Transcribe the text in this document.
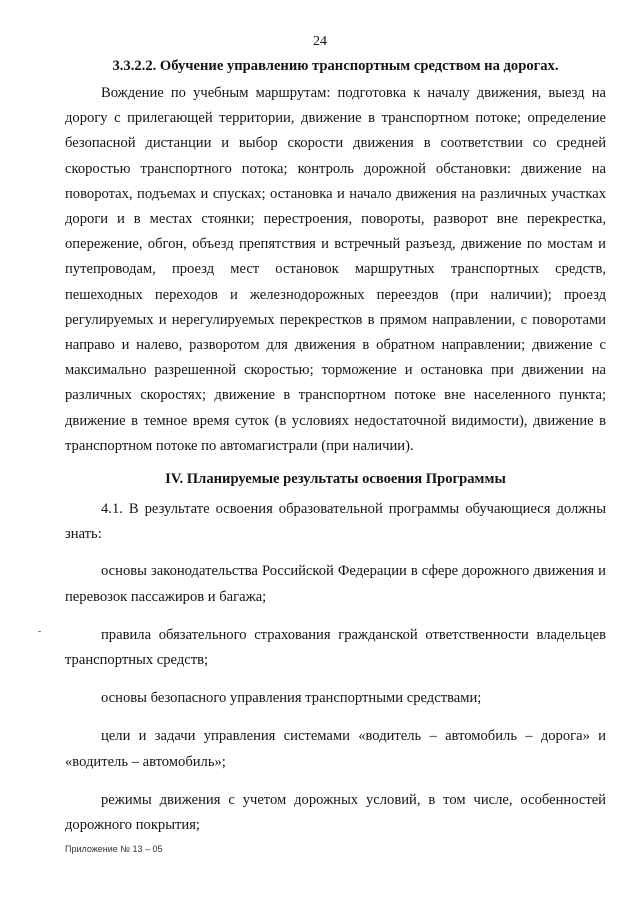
24

3.3.2.2. Обучение управлению транспортным средством на дорогах.

Вождение по учебным маршрутам: подготовка к началу движения, выезд на дорогу с прилегающей территории, движение в транспортном потоке; определение безопасной дистанции и выбор скорости движения в соответствии со средней скоростью транспортного потока; контроль дорожной обстановки: движение на поворотах, подъемах и спусках; остановка и начало движения на различных участках дороги и в местах стоянки; перестроения, повороты, разворот вне перекрестка, опережение, обгон, объезд препятствия и встречный разъезд, движение по мостам и путепроводам, проезд мест остановок маршрутных транспортных средств, пешеходных переходов и железнодорожных переездов (при наличии); проезд регулируемых и нерегулируемых перекрестков в прямом направлении, с поворотами направо и налево, разворотом для движения в обратном направлении; движение с максимально разрешенной скоростью; торможение и остановка при движении на различных скоростях; движение в транспортном потоке вне населенного пункта; движение в темное время суток (в условиях недостаточной видимости), движение в транспортном потоке по автомагистрали (при наличии).

IV. Планируемые результаты освоения Программы

4.1. В результате освоения образовательной программы обучающиеся должны знать:

основы законодательства Российской Федерации в сфере дорожного движения и перевозок пассажиров и багажа;

правила обязательного страхования гражданской ответственности владельцев транспортных средств;

основы безопасного управления транспортными средствами;

цели и задачи управления системами «водитель – автомобиль – дорога» и «водитель – автомобиль»;

режимы движения с учетом дорожных условий, в том числе, особенностей дорожного покрытия;

Приложение № 13 – 05
